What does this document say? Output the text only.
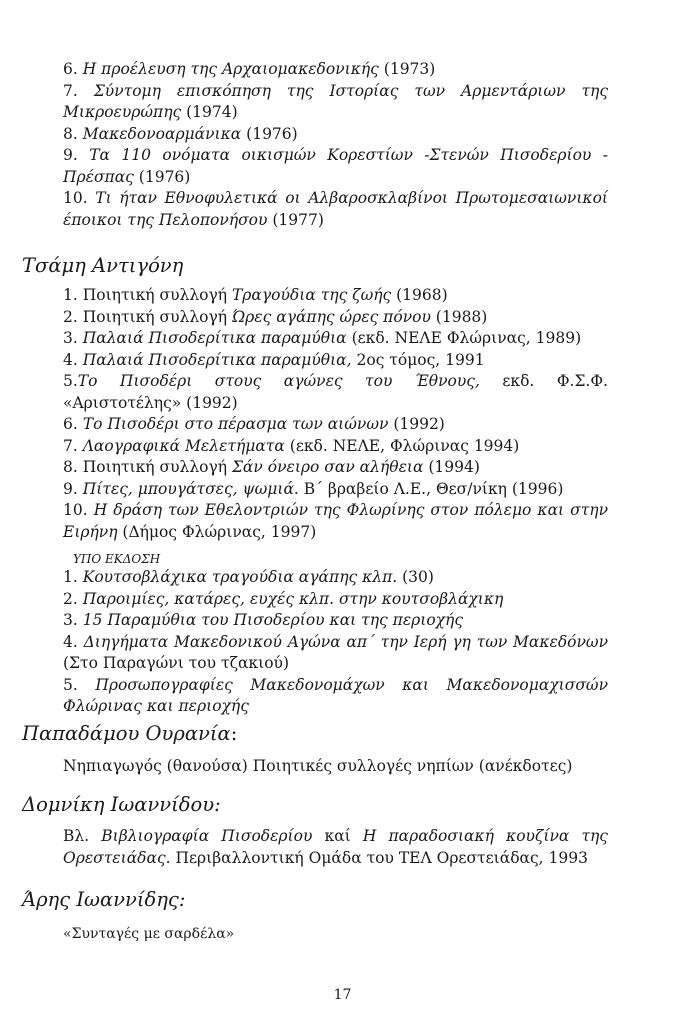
6. Η προέλευση της Αρχαιομακεδονικής (1973)

7. Σύντομη επισκόπηση της Ιστορίας των Αρμεντάριων της Μικροευρώπης (1974)

8. Μακεδονοαρμάνικα (1976)

9. Τα 110 ονόματα οικισμών Κορεστίων -Στενών Πισοδερίου - Πρέσπας (1976)

10. Τι ήταν Εθνοφυλετικά οι Αλβαροσκλαβίνοι Πρωτομεσαιωνικοί έποικοι της Πελοπονήσου (1977)

Τσάμη Αντιγόνη

1. Ποιητική συλλογή Τραγούδια της ζωής (1968)

2. Ποιητική συλλογή Ώρες αγάπης ώρες πόνου (1988)

3. Παλαιά Πισοδερίτικα παραμύθια (εκδ. ΝΕΛΕ Φλώρινας, 1989)

4. Παλαιά Πισοδερίτικα παραμύθια, 2ος τόμος, 1991

5.Το Πισοδέρι στους αγώνες του Έθνους, εκδ. Φ.Σ.Φ. «Αριστοτέλης» (1992)

6. Το Πισοδέρι στο πέρασμα των αιώνων (1992)

7. Λαογραφικά Μελετήματα (εκδ. ΝΕΛΕ, Φλώρινας 1994)

8. Ποιητική συλλογή Σάν όνειρο σαν αλήθεια (1994)

9. Πίτες, μπουγάτσες, ψωμιά. Β΄ βραβείο Λ.Ε., Θεσ/νίκη (1996)

10. Η δράση των Εθελοντριών της Φλωρίνης στον πόλεμο και στην Ειρήνη (Δήμος Φλώρινας, 1997)

ΥΠΟ ΕΚΔΟΣΗ

1. Κουτσοβλάχικα τραγούδια αγάπης κλπ. (30)

2. Παροιμίες, κατάρες, ευχές κλπ. στην κουτσοβλάχικη

3. 15 Παραμύθια του Πισοδερίου και της περιοχής

4. Διηγήματα Μακεδονικού Αγώνα απ΄ την Ιερή γη των Μακεδόνων (Στο Παραγώνι του τζακιού)

5. Προσωπογραφίες Μακεδονομάχων και Μακεδονομαχισσών Φλώρινας και περιοχής

Παπαδάμου Ουρανία:

Νηπιαγωγός (θανούσα) Ποιητικές συλλογές νηπίων (ανέκδοτες)

Δομνίκη Ιωαννίδου:

Βλ. Βιβλιογραφία Πισοδερίου καί Η παραδοσιακή κουζίνα της Ορεστειάδας. Περιβαλλοντική Ομάδα του ΤΕΛ Ορεστειάδας, 1993

Άρης Ιωαννίδης:

«Συνταγές με σαρδέλα»

17
